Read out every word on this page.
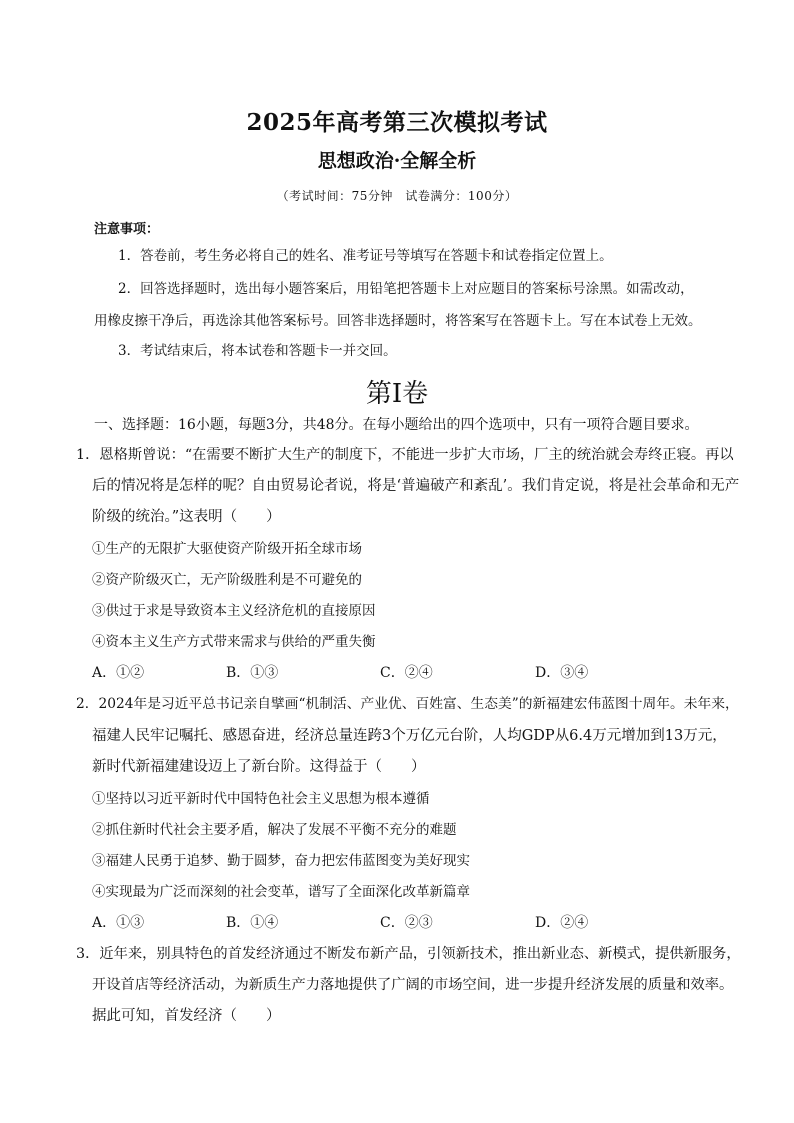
2025年高考第三次模拟考试
思想政治·全解全析
（考试时间：75分钟　试卷满分：100分）
注意事项：
1．答卷前，考生务必将自己的姓名、准考证号等填写在答题卡和试卷指定位置上。
2．回答选择题时，选出每小题答案后，用铅笔把答题卡上对应题目的答案标号涂黑。如需改动，
用橡皮擦干净后，再选涂其他答案标号。回答非选择题时，将答案写在答题卡上。写在本试卷上无效。
3．考试结束后，将本试卷和答题卡一并交回。
第Ⅰ卷
一、选择题：16小题，每题3分，共48分。在每小题给出的四个选项中，只有一项符合题目要求。
1．恩格斯曾说：“在需要不断扩大生产的制度下，不能进一步扩大市场，厂主的统治就会寿终正寝。再以
后的情况将是怎样的呢？自由贸易论者说，将是‘普遍破产和紊乱’。我们肯定说，将是社会革命和无产
阶级的统治。”这表明（　　）
①生产的无限扩大驱使资产阶级开拓全球市场
②资产阶级灭亡，无产阶级胜利是不可避免的
③供过于求是导致资本主义经济危机的直接原因
④资本主义生产方式带来需求与供给的严重失衡
A．①②	B．①③	C．②④	D．③④
2．2024年是习近平总书记亲自擘画“机制活、产业优、百姓富、生态美”的新福建宏伟蓝图十周年。未年来，
福建人民牢记嘱托、感恩奋进，经济总量连跨3个万亿元台阶，人均GDP从6.4万元增加到13万元，
新时代新福建建设迈上了新台阶。这得益于（　　）
①坚持以习近平新时代中国特色社会主义思想为根本遵循
②抓住新时代社会主要矛盾，解决了发展不平衡不充分的难题
③福建人民勇于追梦、勤于圆梦，奋力把宏伟蓝图变为美好现实
④实现最为广泛而深刻的社会变革，谱写了全面深化改革新篇章
A．①③	B．①④	C．②③	D．②④
3．近年来，别具特色的首发经济通过不断发布新产品，引领新技术，推出新业态、新模式，提供新服务，
开设首店等经济活动，为新质生产力落地提供了广阔的市场空间，进一步提升经济发展的质量和效率。
据此可知，首发经济（　　）
